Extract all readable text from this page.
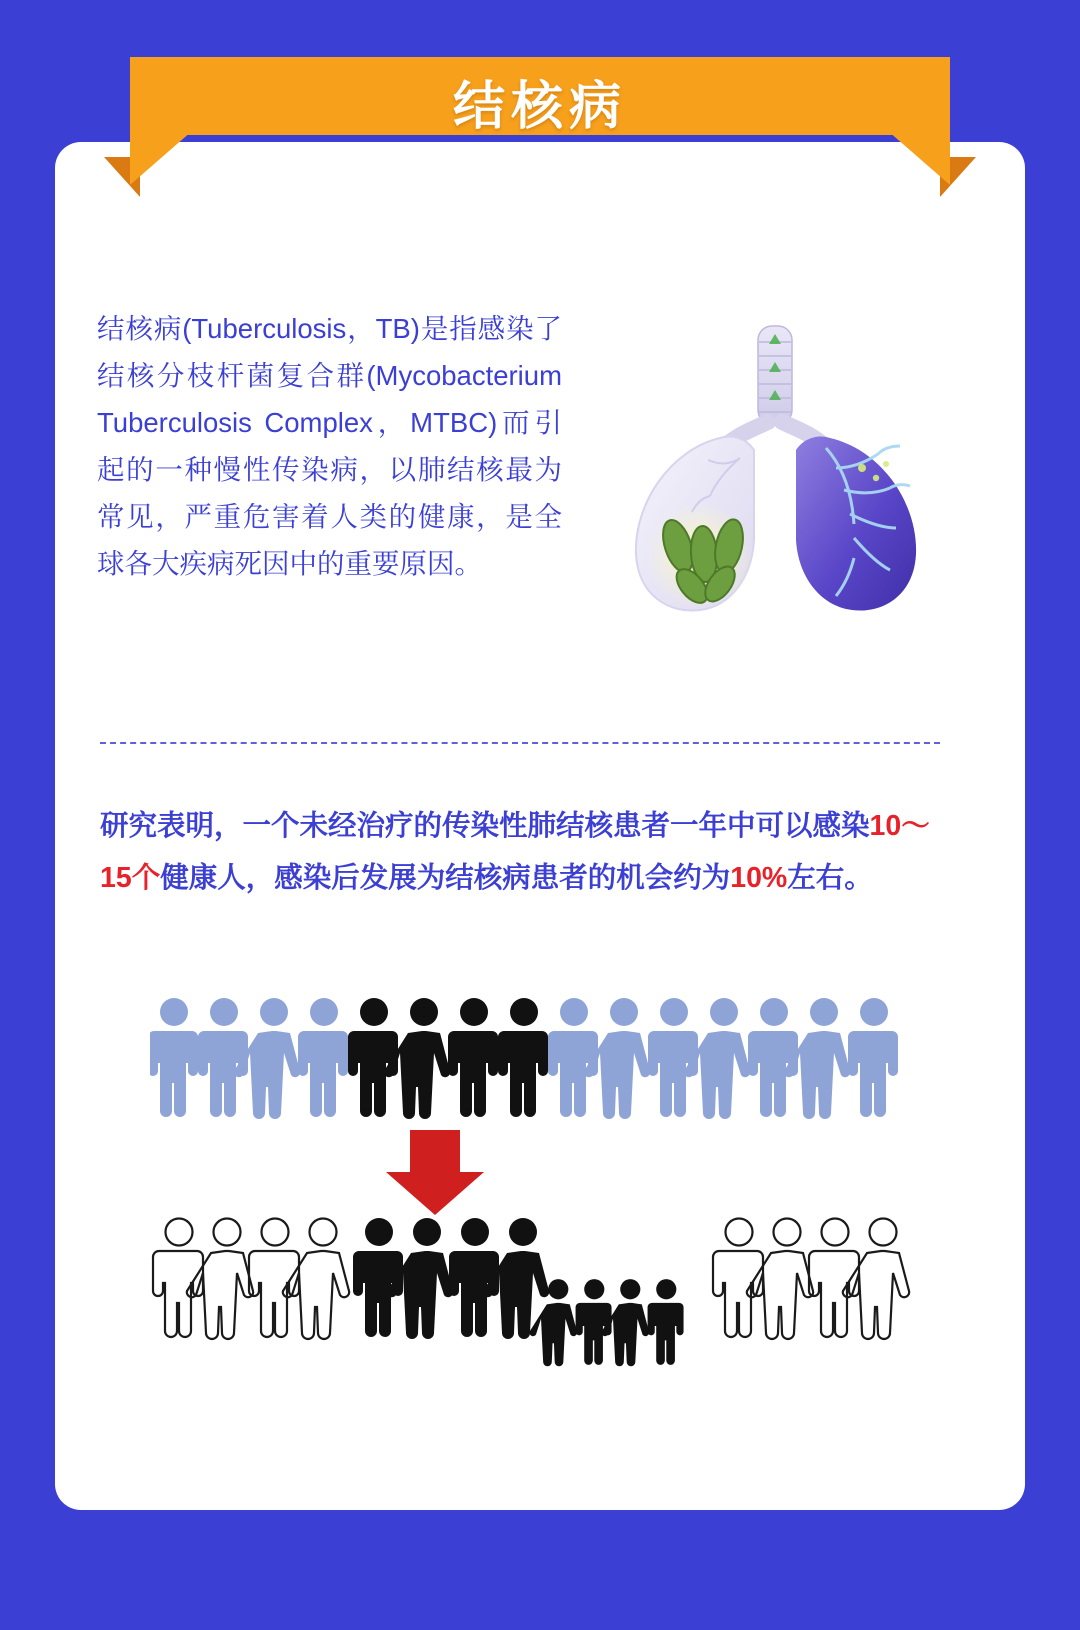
结核病
结核病(Tuberculosis，TB)是指感染了结核分枝杆菌复合群(Mycobacterium Tuberculosis Complex，MTBC)而引起的一种慢性传染病，以肺结核最为常见，严重危害着人类的健康，是全球各大疾病死因中的重要原因。
研究表明，一个未经治疗的传染性肺结核患者一年中可以感染10～15个健康人，感染后发展为结核病患者的机会约为10%左右。
